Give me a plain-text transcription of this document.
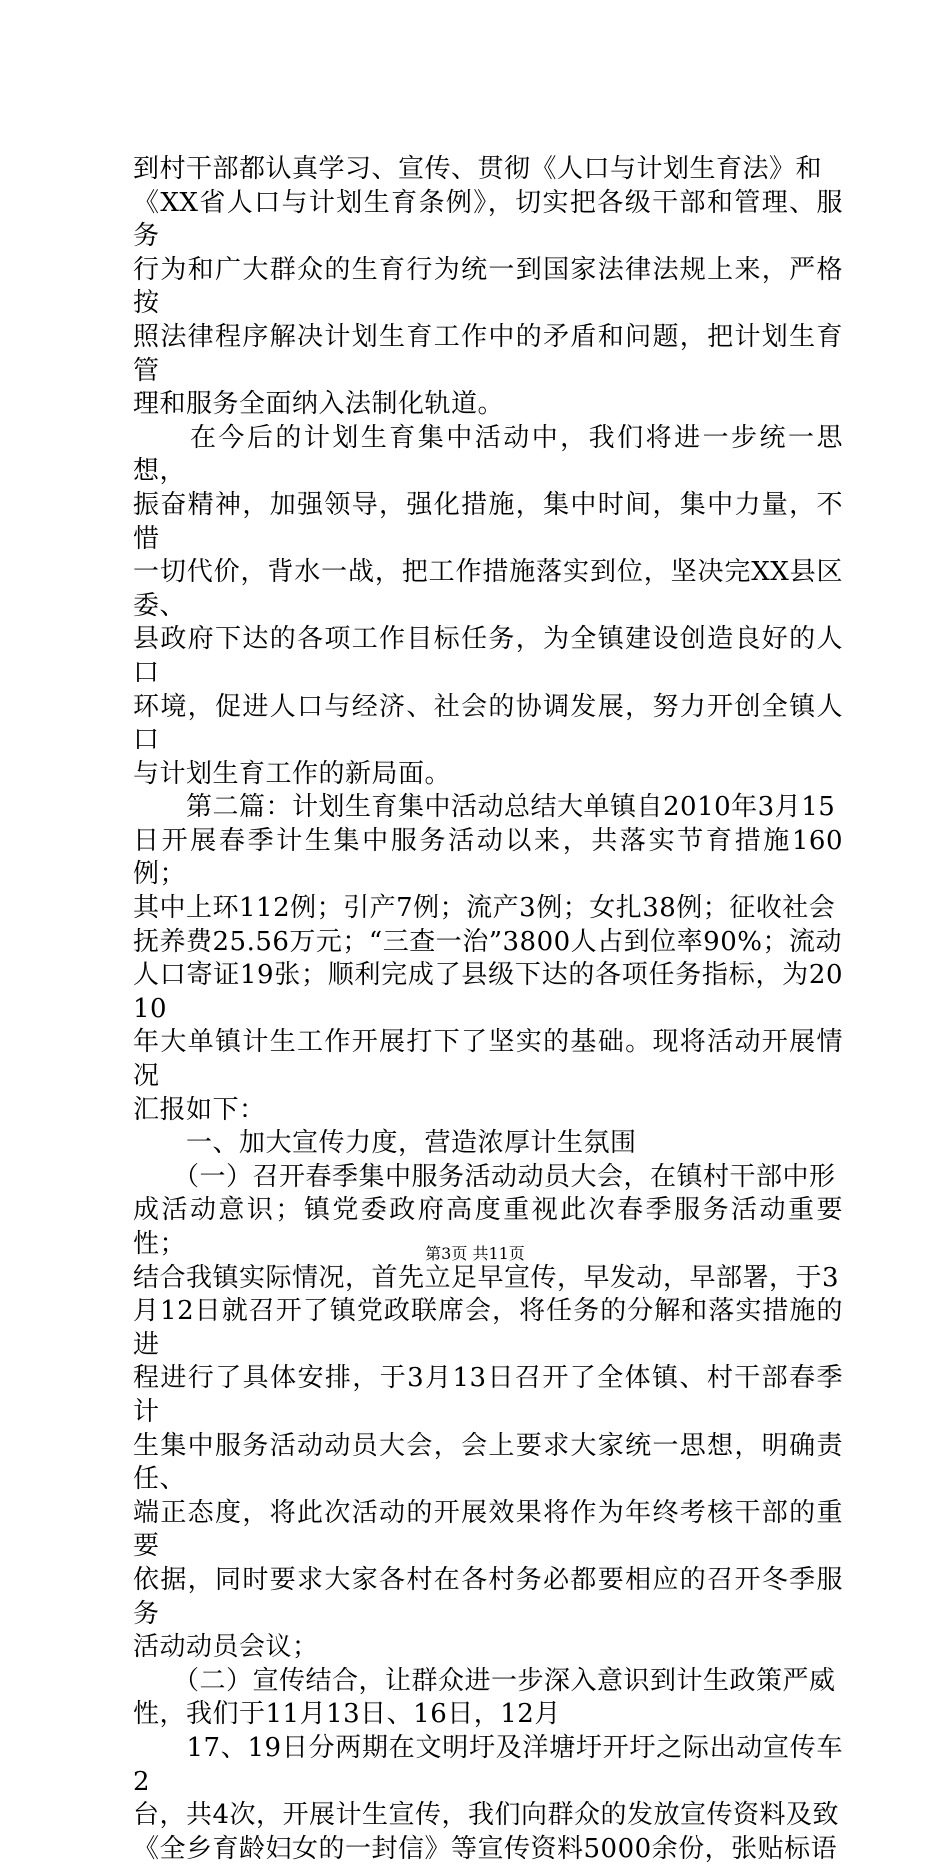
到村干部都认真学习、宣传、贯彻《人口与计划生育法》和

《XX省人口与计划生育条例》，切实把各级干部和管理、服务

行为和广大群众的生育行为统一到国家法律法规上来，严格按

照法律程序解决计划生育工作中的矛盾和问题，把计划生育管

理和服务全面纳入法制化轨道。

　　在今后的计划生育集中活动中，我们将进一步统一思想，

振奋精神，加强领导，强化措施，集中时间，集中力量，不惜

一切代价，背水一战，把工作措施落实到位，坚决完XX县区委、

县政府下达的各项工作目标任务，为全镇建设创造良好的人口

环境，促进人口与经济、社会的协调发展，努力开创全镇人口

与计划生育工作的新局面。

　　第二篇：计划生育集中活动总结大单镇自2010年3月15

日开展春季计生集中服务活动以来，共落实节育措施160例；

其中上环112例；引产7例；流产3例；女扎38例；征收社会

抚养费25.56万元；“三查一治”3800人占到位率90%；流动

人口寄证19张；顺利完成了县级下达的各项任务指标，为2010

年大单镇计生工作开展打下了坚实的基础。现将活动开展情况

汇报如下：

　　一、加大宣传力度，营造浓厚计生氛围

　　（一）召开春季集中服务活动动员大会，在镇村干部中形

成活动意识；镇党委政府高度重视此次春季服务活动重要性；

结合我镇实际情况，首先立足早宣传，早发动，早部署，于3

月12日就召开了镇党政联席会，将任务的分解和落实措施的进

程进行了具体安排，于3月13日召开了全体镇、村干部春季计

生集中服务活动动员大会，会上要求大家统一思想，明确责任、

端正态度，将此次活动的开展效果将作为年终考核干部的重要

依据，同时要求大家各村在各村务必都要相应的召开冬季服务

活动动员会议；

　　（二）宣传结合，让群众进一步深入意识到计生政策严威

性，我们于11月13日、16日，12月

　　17、19日分两期在文明圩及洋塘圩开圩之际出动宣传车2

台，共4次，开展计生宣传，我们向群众的发放宣传资料及致

《全乡育龄妇女的一封信》等宣传资料5000余份，张贴标语

第3页 共11页
